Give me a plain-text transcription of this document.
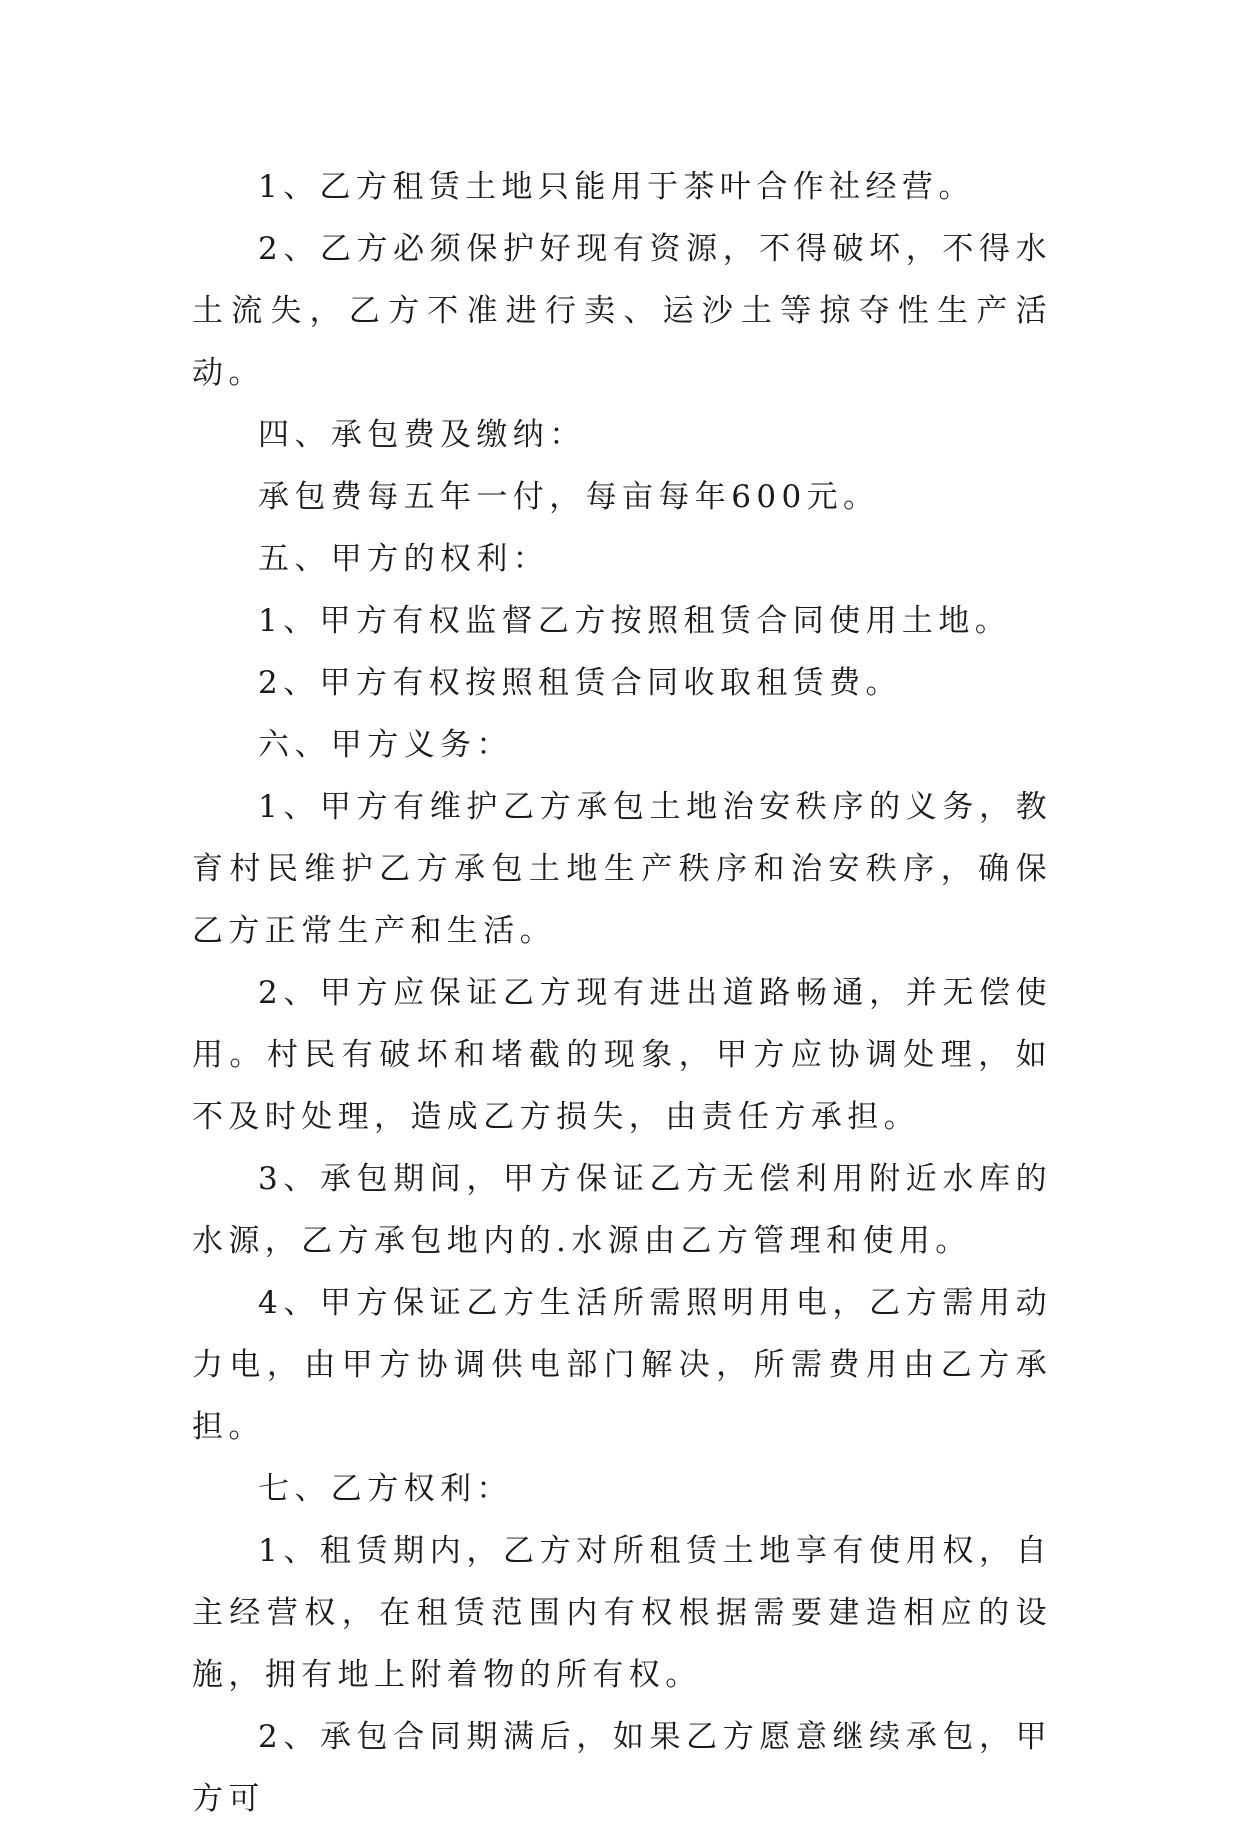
1、乙方租赁土地只能用于茶叶合作社经营。

2、乙方必须保护好现有资源，不得破坏，不得水土流失，乙方不准进行卖、运沙土等掠夺性生产活动。

四、承包费及缴纳：

承包费每五年一付，每亩每年600元。

五、甲方的权利：

1、甲方有权监督乙方按照租赁合同使用土地。

2、甲方有权按照租赁合同收取租赁费。

六、甲方义务：

1、甲方有维护乙方承包土地治安秩序的义务，教育村民维护乙方承包土地生产秩序和治安秩序，确保乙方正常生产和生活。

2、甲方应保证乙方现有进出道路畅通，并无偿使用。村民有破坏和堵截的现象，甲方应协调处理，如不及时处理，造成乙方损失，由责任方承担。

3、承包期间，甲方保证乙方无偿利用附近水库的水源，乙方承包地内的.水源由乙方管理和使用。

4、甲方保证乙方生活所需照明用电，乙方需用动力电，由甲方协调供电部门解决，所需费用由乙方承担。

七、乙方权利：

1、租赁期内，乙方对所租赁土地享有使用权，自主经营权，在租赁范围内有权根据需要建造相应的设施，拥有地上附着物的所有权。

2、承包合同期满后，如果乙方愿意继续承包，甲方可
